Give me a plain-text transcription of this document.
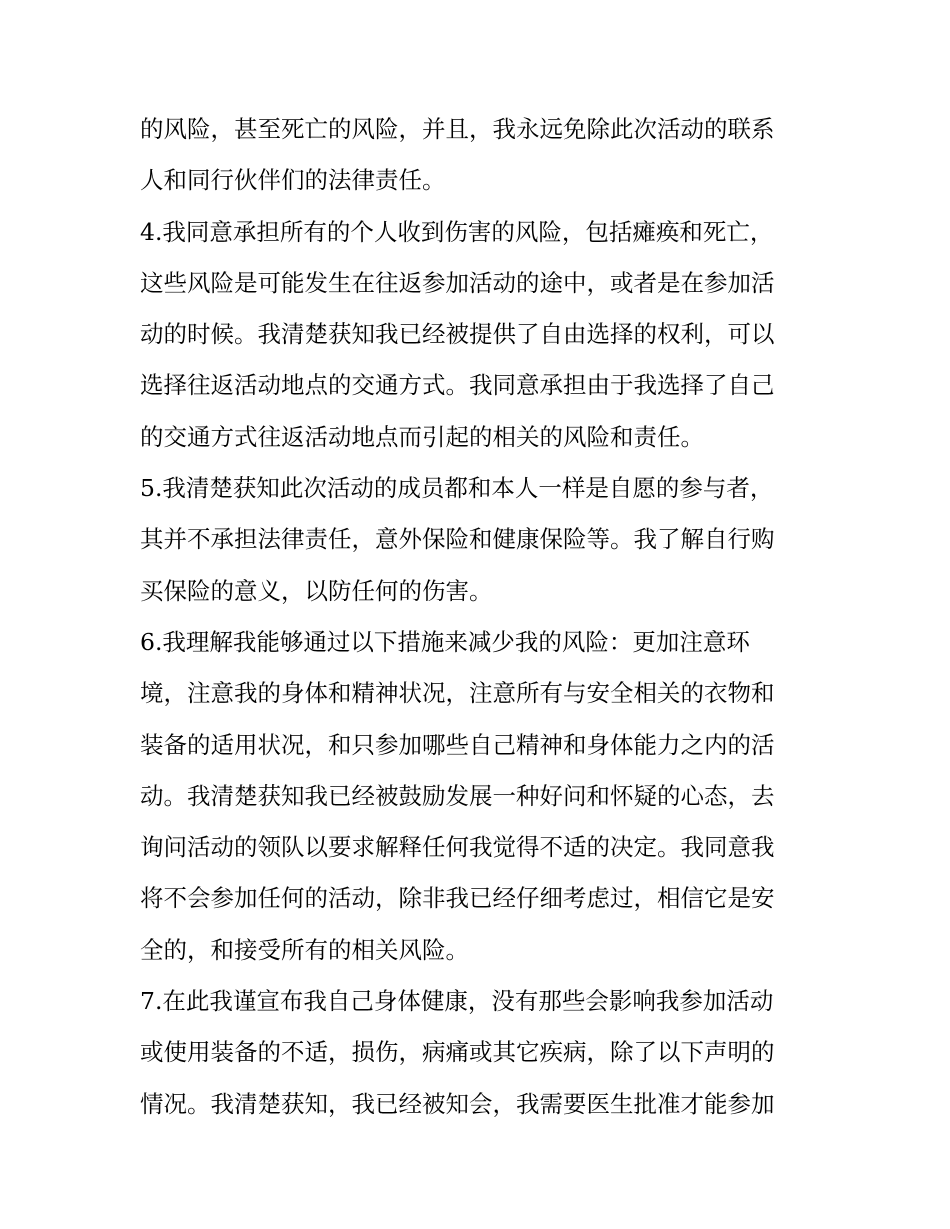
的风险，甚至死亡的风险，并且，我永远免除此次活动的联系
人和同行伙伴们的法律责任。
4.我同意承担所有的个人收到伤害的风险，包括瘫痪和死亡，
这些风险是可能发生在往返参加活动的途中，或者是在参加活
动的时候。我清楚获知我已经被提供了自由选择的权利，可以
选择往返活动地点的交通方式。我同意承担由于我选择了自己
的交通方式往返活动地点而引起的相关的风险和责任。
5.我清楚获知此次活动的成员都和本人一样是自愿的参与者，
其并不承担法律责任，意外保险和健康保险等。我了解自行购
买保险的意义，以防任何的伤害。
6.我理解我能够通过以下措施来减少我的风险：更加注意环
境，注意我的身体和精神状况，注意所有与安全相关的衣物和
装备的适用状况，和只参加哪些自己精神和身体能力之内的活
动。我清楚获知我已经被鼓励发展一种好问和怀疑的心态，去
询问活动的领队以要求解释任何我觉得不适的决定。我同意我
将不会参加任何的活动，除非我已经仔细考虑过，相信它是安
全的，和接受所有的相关风险。
7.在此我谨宣布我自己身体健康，没有那些会影响我参加活动
或使用装备的不适，损伤，病痛或其它疾病，除了以下声明的
情况。我清楚获知，我已经被知会，我需要医生批准才能参加
